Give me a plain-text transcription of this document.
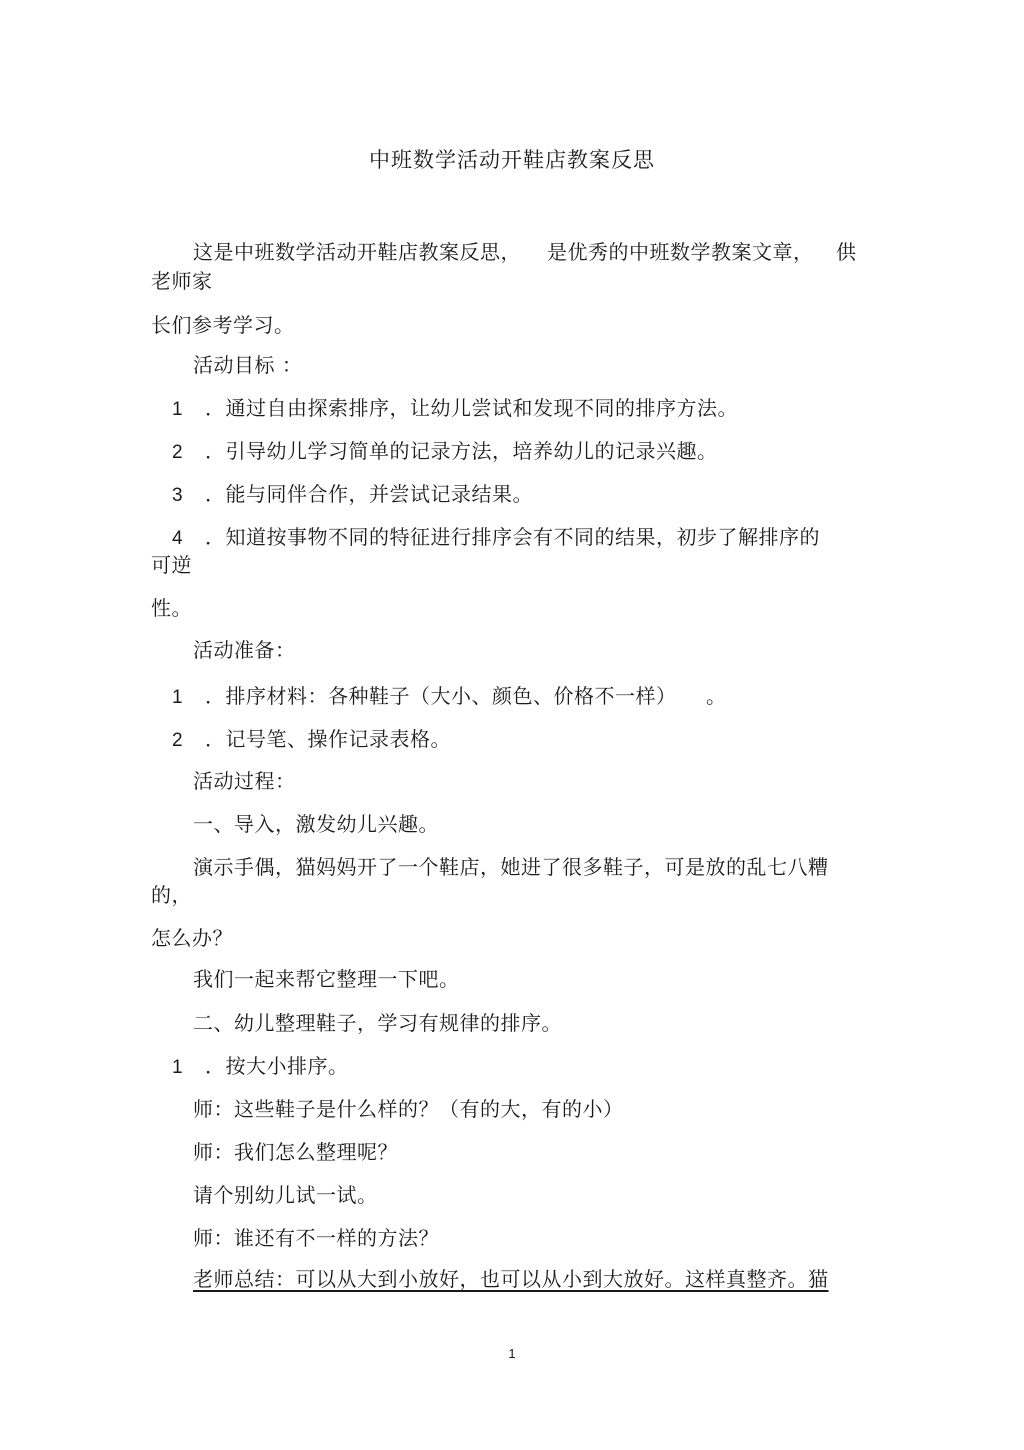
中班数学活动开鞋店教案反思
这是中班数学活动开鞋店教案反思， 是优秀的中班数学教案文章， 供
老师家
长们参考学习。
活动目标 ：
1 ．通过自由探索排序，让幼儿尝试和发现不同的排序方法。
2 ．引导幼儿学习简单的记录方法，培养幼儿的记录兴趣。
3 ．能与同伴合作，并尝试记录结果。
4 ．知道按事物不同的特征进行排序会有不同的结果，初步了解排序的
可逆
性。
活动准备：
1 ．排序材料：各种鞋子（大小、颜色、价格不一样） 。
2 ．记号笔、操作记录表格。
活动过程：
一、导入，激发幼儿兴趣。
演示手偶，猫妈妈开了一个鞋店，她进了很多鞋子，可是放的乱七八糟
的，
怎么办？
我们一起来帮它整理一下吧。
二、幼儿整理鞋子，学习有规律的排序。
1 ．按大小排序。
师：这些鞋子是什么样的？（有的大，有的小）
师：我们怎么整理呢？
请个别幼儿试一试。
师：谁还有不一样的方法？
老师总结：可以从大到小放好，也可以从小到大放好。这样真整齐。猫
1
